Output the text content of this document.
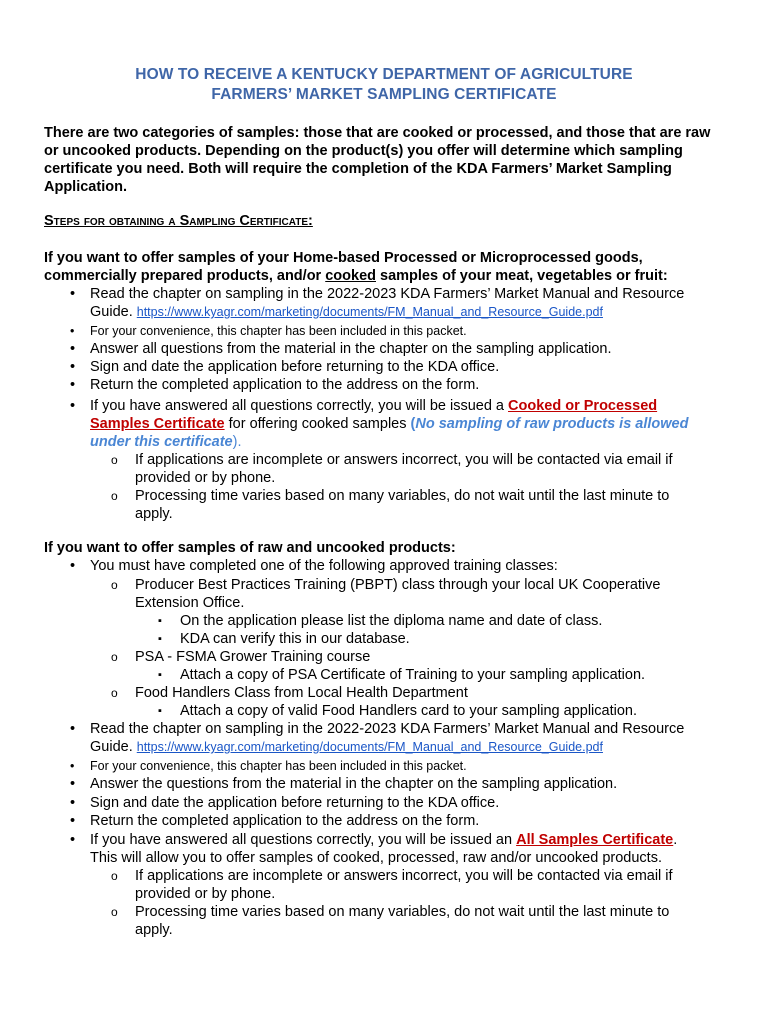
HOW TO RECEIVE A KENTUCKY DEPARTMENT OF AGRICULTURE
FARMERS’ MARKET SAMPLING CERTIFICATE
There are two categories of samples: those that are cooked or processed, and those that are raw or uncooked products. Depending on the product(s) you offer will determine which sampling certificate you need. Both will require the completion of the KDA Farmers’ Market Sampling Application.
Steps for obtaining a Sampling Certificate:
If you want to offer samples of your Home-based Processed or Microprocessed goods, commercially prepared products, and/or cooked samples of your meat, vegetables or fruit:
• Read the chapter on sampling in the 2022-2023 KDA Farmers’ Market Manual and Resource
Guide. https://www.kyagr.com/marketing/documents/FM_Manual_and_Resource_Guide.pdf
• For your convenience, this chapter has been included in this packet.
• Answer all questions from the material in the chapter on the sampling application.
• Sign and date the application before returning to the KDA office.
• Return the completed application to the address on the form.
• If you have answered all questions correctly, you will be issued a Cooked or Processed
Samples Certificate for offering cooked samples (No sampling of raw products is allowed
under this certificate).
o If applications are incomplete or answers incorrect, you will be contacted via email if
provided or by phone.
o Processing time varies based on many variables, do not wait until the last minute to
apply.
If you want to offer samples of raw and uncooked products:
• You must have completed one of the following approved training classes:
o Producer Best Practices Training (PBPT) class through your local UK Cooperative
Extension Office.
▪ On the application please list the diploma name and date of class.
▪ KDA can verify this in our database.
o PSA - FSMA Grower Training course
▪ Attach a copy of PSA Certificate of Training to your sampling application.
o Food Handlers Class from Local Health Department
▪ Attach a copy of valid Food Handlers card to your sampling application.
• Read the chapter on sampling in the 2022-2023 KDA Farmers’ Market Manual and Resource
Guide. https://www.kyagr.com/marketing/documents/FM_Manual_and_Resource_Guide.pdf
• For your convenience, this chapter has been included in this packet.
• Answer the questions from the material in the chapter on the sampling application.
• Sign and date the application before returning to the KDA office.
• Return the completed application to the address on the form.
• If you have answered all questions correctly, you will be issued an All Samples Certificate.
This will allow you to offer samples of cooked, processed, raw and/or uncooked products.
o If applications are incomplete or answers incorrect, you will be contacted via email if
provided or by phone.
o Processing time varies based on many variables, do not wait until the last minute to
apply.
